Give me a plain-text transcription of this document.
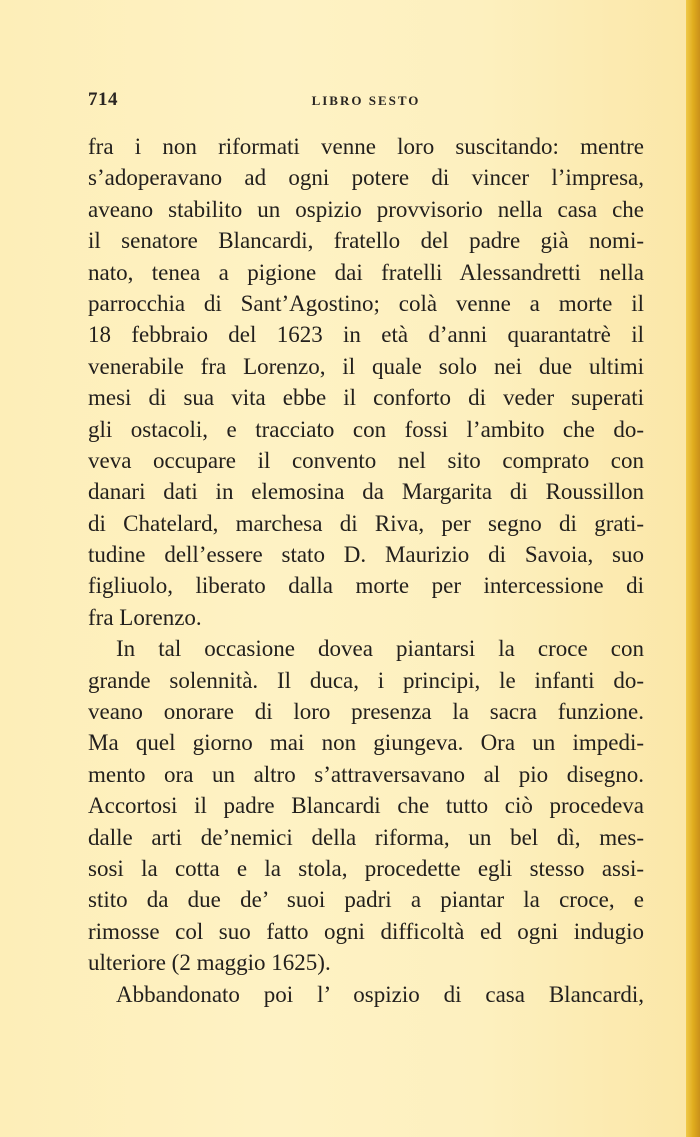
714	LIBRO SESTO
fra i non riformati venne loro suscitando: mentre
s’adoperavano ad ogni potere di vincer l’impresa,
aveano stabilito un ospizio provvisorio nella casa che
il senatore Blancardi, fratello del padre già nomi-
nato, tenea a pigione dai fratelli Alessandretti nella
parrocchia di Sant’Agostino; colà venne a morte il
18 febbraio del 1623 in età d’anni quarantatrè il
venerabile fra Lorenzo, il quale solo nei due ultimi
mesi di sua vita ebbe il conforto di veder superati
gli ostacoli, e tracciato con fossi l’ambito che do-
veva occupare il convento nel sito comprato con
danari dati in elemosina da Margarita di Roussillon
di Chatelard, marchesa di Riva, per segno di grati-
tudine dell’essere stato D. Maurizio di Savoia, suo
figliuolo, liberato dalla morte per intercessione di
fra Lorenzo.
In tal occasione dovea piantarsi la croce con
grande solennità. Il duca, i principi, le infanti do-
veano onorare di loro presenza la sacra funzione.
Ma quel giorno mai non giungeva. Ora un impedi-
mento ora un altro s’attraversavano al pio disegno.
Accortosi il padre Blancardi che tutto ciò procedeva
dalle arti de’nemici della riforma, un bel dì, mes-
sosi la cotta e la stola, procedette egli stesso assi-
stito da due de’ suoi padri a piantar la croce, e
rimosse col suo fatto ogni difficoltà ed ogni indugio
ulteriore (2 maggio 1625).
Abbandonato poi l’ ospizio di casa Blancardi,
